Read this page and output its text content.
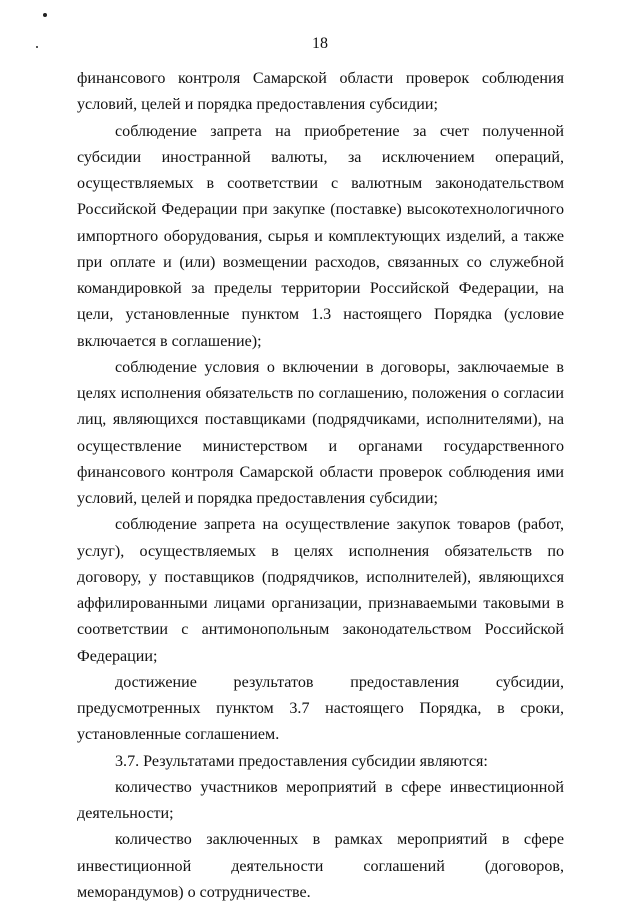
18

финансового контроля Самарской области проверок соблюдения условий, целей и порядка предоставления субсидии;

соблюдение запрета на приобретение за счет полученной субсидии иностранной валюты, за исключением операций, осуществляемых в соответствии с валютным законодательством Российской Федерации при закупке (поставке) высокотехнологичного импортного оборудования, сырья и комплектующих изделий, а также при оплате и (или) возмещении расходов, связанных со служебной командировкой за пределы территории Российской Федерации, на цели, установленные пунктом 1.3 настоящего Порядка (условие включается в соглашение);

соблюдение условия о включении в договоры, заключаемые в целях исполнения обязательств по соглашению, положения о согласии лиц, являющихся поставщиками (подрядчиками, исполнителями), на осуществление министерством и органами государственного финансового контроля Самарской области проверок соблюдения ими условий, целей и порядка предоставления субсидии;

соблюдение запрета на осуществление закупок товаров (работ, услуг), осуществляемых в целях исполнения обязательств по договору, у поставщиков (подрядчиков, исполнителей), являющихся аффилированными лицами организации, признаваемыми таковыми в соответствии с антимонопольным законодательством Российской Федерации;

достижение результатов предоставления субсидии, предусмотренных пунктом 3.7 настоящего Порядка, в сроки, установленные соглашением.

3.7. Результатами предоставления субсидии являются:

количество участников мероприятий в сфере инвестиционной деятельности;

количество заключенных в рамках мероприятий в сфере инвестиционной деятельности соглашений (договоров, меморандумов) о сотрудничестве.
